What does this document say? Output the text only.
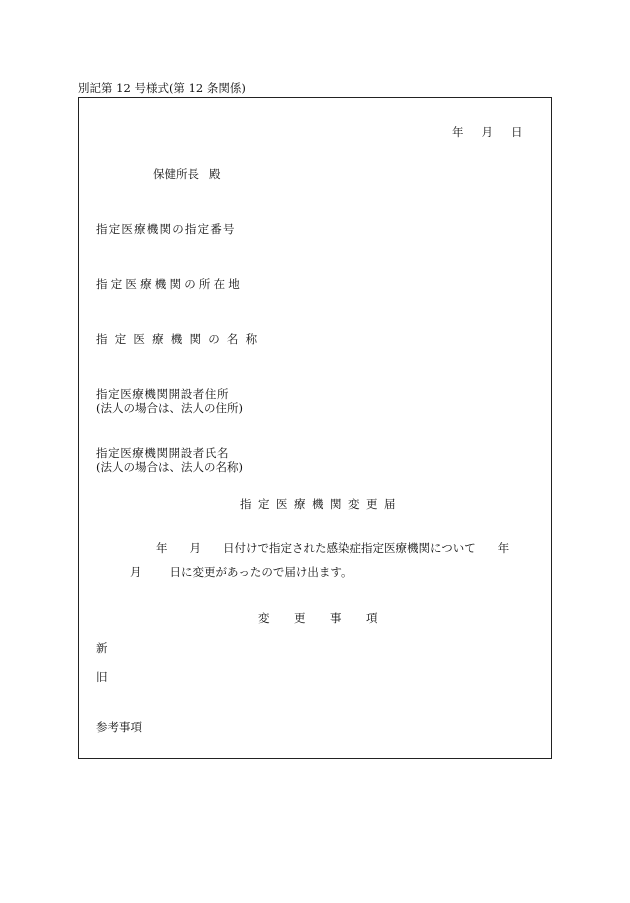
別記第 12 号様式(第 12 条関係)
年 月 日
保健所長 殿
指定医療機関の指定番号
指定医療機関の所在地
指定医療機関の名称
指定医療機関開設者住所
(法人の場合は、法人の住所)
指定医療機関開設者氏名
(法人の場合は、法人の名称)
指定医療機関変更届
年 月 日付けで指定された感染症指定医療機関について 年
月 日に変更があったので届け出ます。
変 更 事 項
新
旧
参考事項
